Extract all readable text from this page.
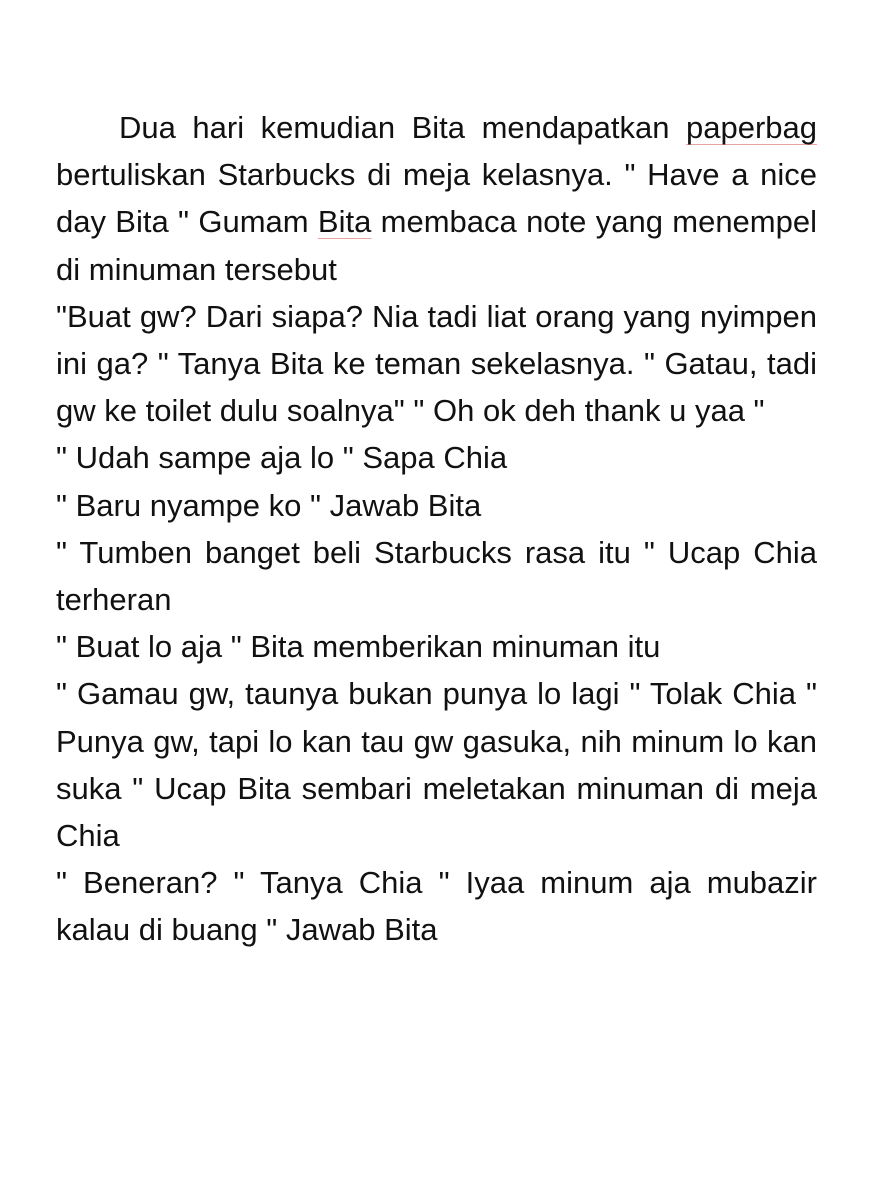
Dua hari kemudian Bita mendapatkan paperbag bertuliskan Starbucks di meja kelasnya. " Have a nice day Bita " Gumam Bita membaca note yang menempel di minuman tersebut

"Buat gw? Dari siapa? Nia tadi liat orang yang nyimpen ini ga? " Tanya Bita ke teman sekelasnya. " Gatau, tadi gw ke toilet dulu soalnya" " Oh ok deh thank u yaa "

" Udah sampe aja lo " Sapa Chia

" Baru nyampe ko " Jawab Bita

" Tumben banget beli Starbucks rasa itu " Ucap Chia terheran

" Buat lo aja " Bita memberikan minuman itu

" Gamau gw, taunya bukan punya lo lagi " Tolak Chia " Punya gw, tapi lo kan tau gw gasuka, nih minum lo kan suka " Ucap Bita sembari meletakan minuman di meja Chia

" Beneran? " Tanya Chia " Iyaa minum aja mubazir kalau di buang " Jawab Bita
